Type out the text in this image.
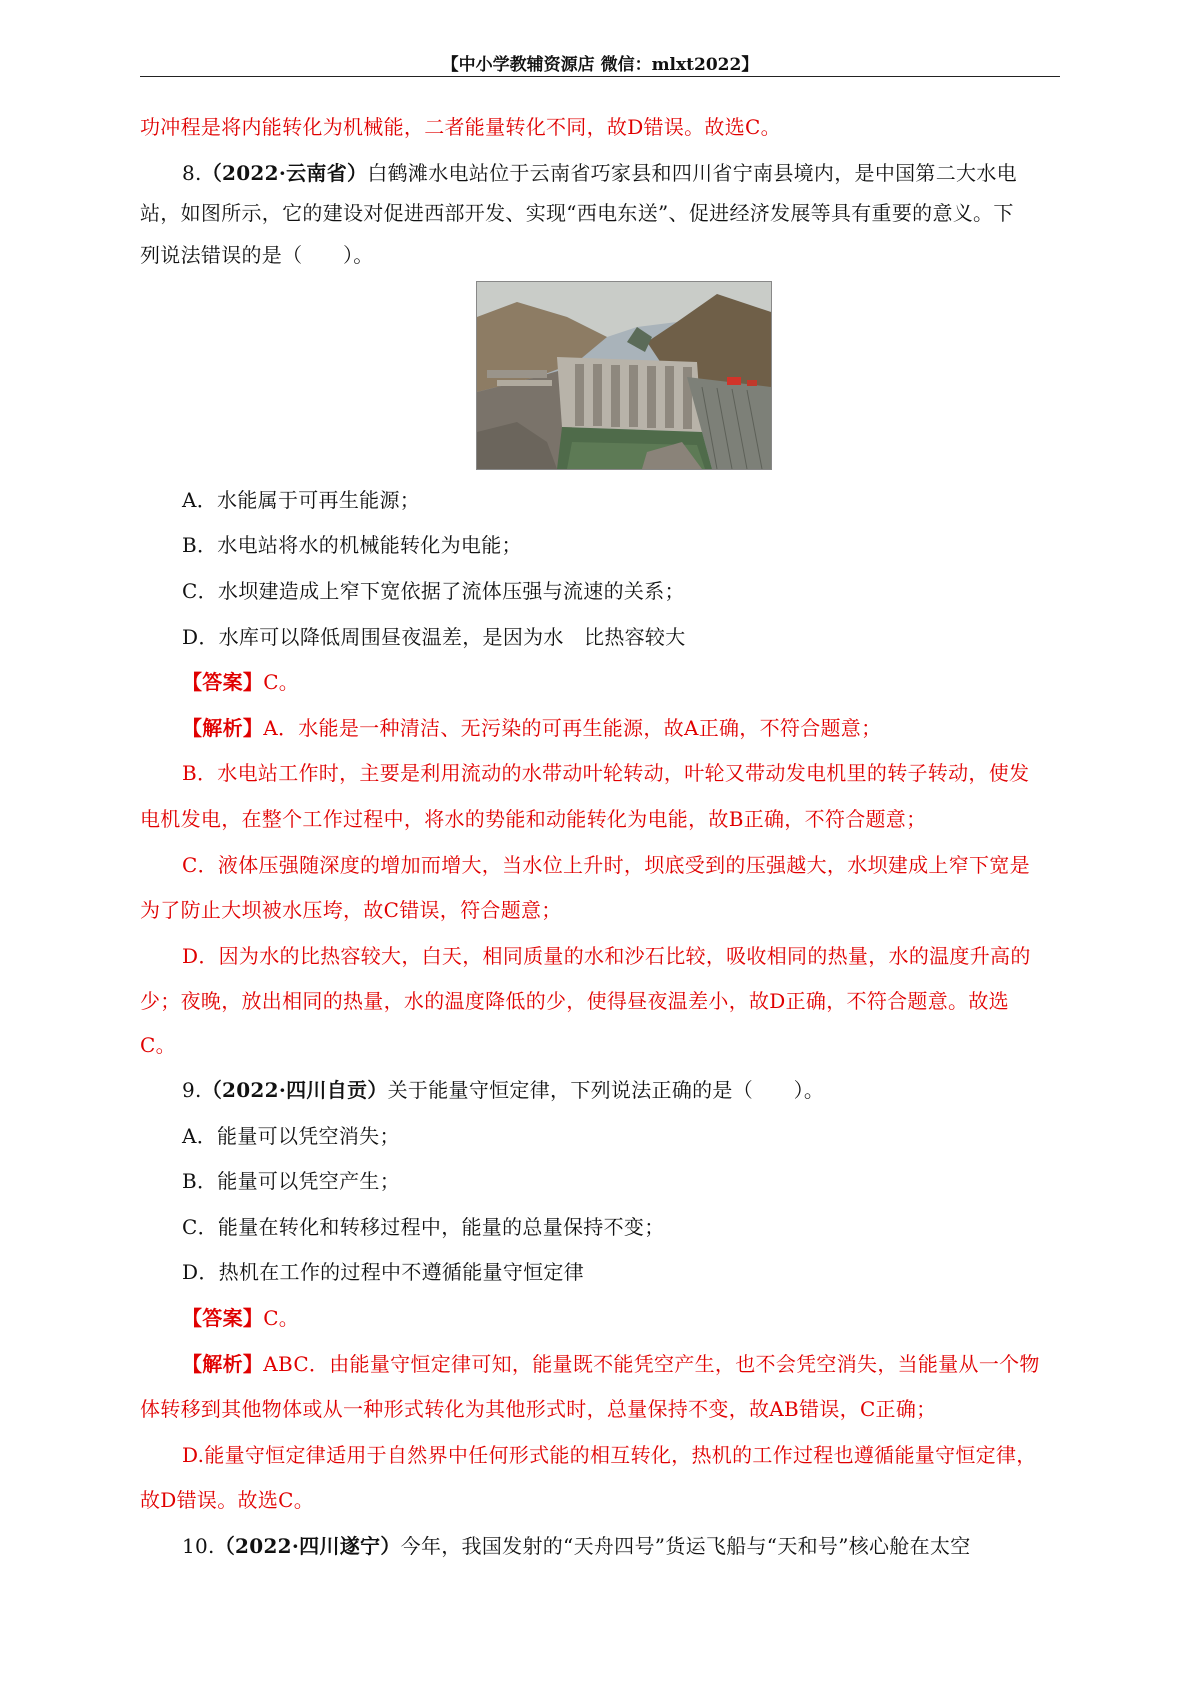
【中小学教辅资源店 微信：mlxt2022】
功冲程是将内能转化为机械能，二者能量转化不同，故D错误。故选C。
8.（2022·云南省）白鹤滩水电站位于云南省巧家县和四川省宁南县境内，是中国第二大水电
站，如图所示，它的建设对促进西部开发、实现“西电东送”、促进经济发展等具有重要的意义。下
列说法错误的是（　　）。
A．水能属于可再生能源；
B．水电站将水的机械能转化为电能；
C．水坝建造成上窄下宽依据了流体压强与流速的关系；
D．水库可以降低周围昼夜温差，是因为水　比热容较大
【答案】C。
【解析】A．水能是一种清洁、无污染的可再生能源，故A正确，不符合题意；
B．水电站工作时，主要是利用流动的水带动叶轮转动，叶轮又带动发电机里的转子转动，使发
电机发电，在整个工作过程中，将水的势能和动能转化为电能，故B正确，不符合题意；
C．液体压强随深度的增加而增大，当水位上升时，坝底受到的压强越大，水坝建成上窄下宽是
为了防止大坝被水压垮，故C错误，符合题意；
D．因为水的比热容较大，白天，相同质量的水和沙石比较，吸收相同的热量，水的温度升高的
少；夜晚，放出相同的热量，水的温度降低的少，使得昼夜温差小，故D正确，不符合题意。故选
C。
9.（2022·四川自贡）关于能量守恒定律，下列说法正确的是（　　）。
A．能量可以凭空消失；
B．能量可以凭空产生；
C．能量在转化和转移过程中，能量的总量保持不变；
D．热机在工作的过程中不遵循能量守恒定律
【答案】C。
【解析】ABC．由能量守恒定律可知，能量既不能凭空产生，也不会凭空消失，当能量从一个物
体转移到其他物体或从一种形式转化为其他形式时，总量保持不变，故AB错误，C正确；
D.能量守恒定律适用于自然界中任何形式能的相互转化，热机的工作过程也遵循能量守恒定律，
故D错误。故选C。
10.（2022·四川遂宁）今年，我国发射的“天舟四号”货运飞船与“天和号”核心舱在太空
